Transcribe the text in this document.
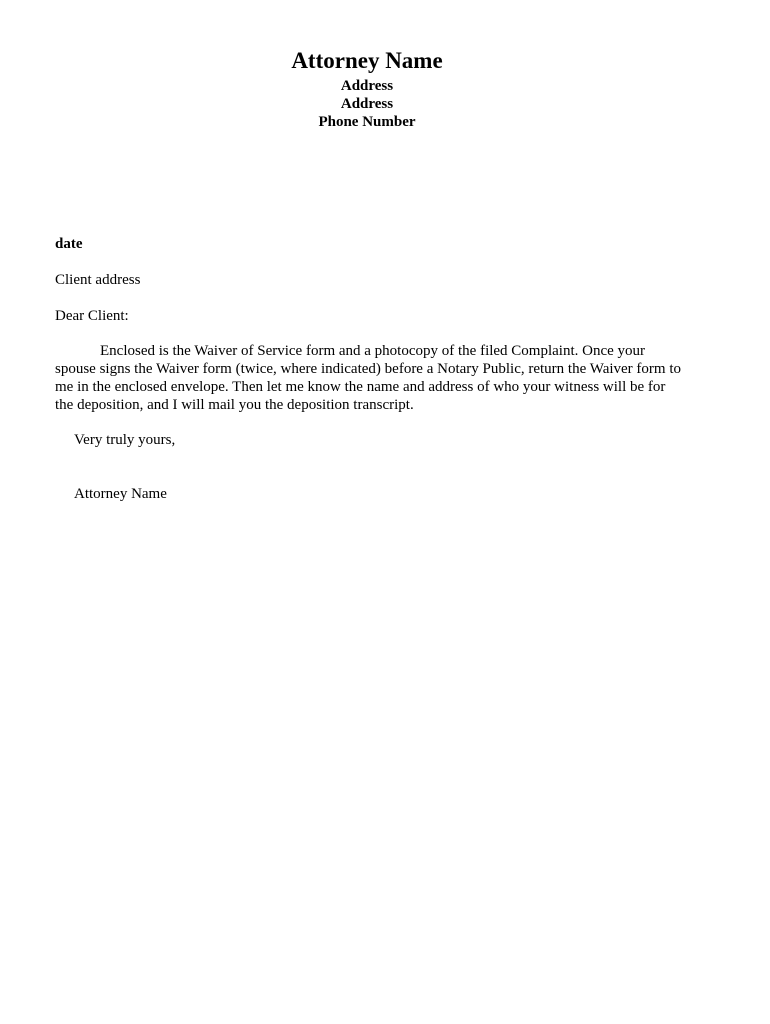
Attorney Name

Address

Address

Phone Number

date
Client address
Dear Client:

Enclosed is the Waiver of Service form and a photocopy of the filed Complaint. Once your spouse signs the Waiver form (twice, where indicated) before a Notary Public, return the Waiver form to me in the enclosed envelope. Then let me know the name and address of who your witness will be for the deposition, and I will mail you the deposition transcript.

Very truly yours,
Attorney Name
